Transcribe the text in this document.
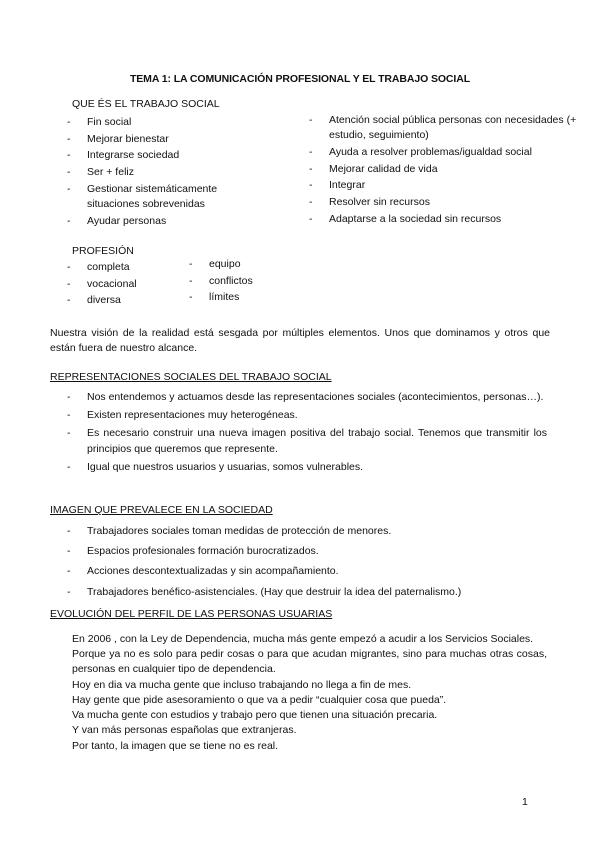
TEMA 1: LA COMUNICACIÓN PROFESIONAL Y EL TRABAJO SOCIAL
QUE ÉS EL TRABAJO SOCIAL
- Fin social
- Mejorar bienestar
- Integrarse sociedad
- Ser + feliz
- Gestionar sistemáticamente situaciones sobrevenidas
- Ayudar personas
- Atención social pública personas con necesidades (+ estudio, seguimiento)
- Ayuda a resolver problemas/igualdad social
- Mejorar calidad de vida
- Integrar
- Resolver sin recursos
- Adaptarse a la sociedad sin recursos
PROFESIÓN
- completa
- vocacional
- diversa
- equipo
- conflictos
- límites

Nuestra visión de la realidad está sesgada por múltiples elementos. Unos que dominamos y otros que están fuera de nuestro alcance.

REPRESENTACIONES SOCIALES DEL TRABAJO SOCIAL
- Nos entendemos y actuamos desde las representaciones sociales (acontecimientos, personas…).
- Existen representaciones muy heterogéneas.
- Es necesario construir una nueva imagen positiva del trabajo social. Tenemos que transmitir los principios que queremos que represente.
- Igual que nuestros usuarios y usuarias, somos vulnerables.
IMAGEN QUE PREVALECE EN LA SOCIEDAD
- Trabajadores sociales toman medidas de protección de menores.
- Espacios profesionales formación burocratizados.
- Acciones descontextualizadas y sin acompañamiento.
- Trabajadores benéfico-asistenciales. (Hay que destruir la idea del paternalismo.)
EVOLUCIÓN DEL PERFIL DE LAS PERSONAS USUARIAS

En 2006 , con la Ley de Dependencia, mucha más gente empezó a acudir a los Servicios Sociales.

Porque ya no es solo para pedir cosas o para que acudan migrantes, sino para muchas otras cosas, personas en cualquier tipo de dependencia.

Hoy en dia va mucha gente que incluso trabajando no llega a fin de mes.

Hay gente que pide asesoramiento o que va a pedir “cualquier cosa que pueda”.

Va mucha gente con estudios y trabajo pero que tienen una situación precaria.

Y van más personas españolas que extranjeras.

Por tanto, la imagen que se tiene no es real.

1
